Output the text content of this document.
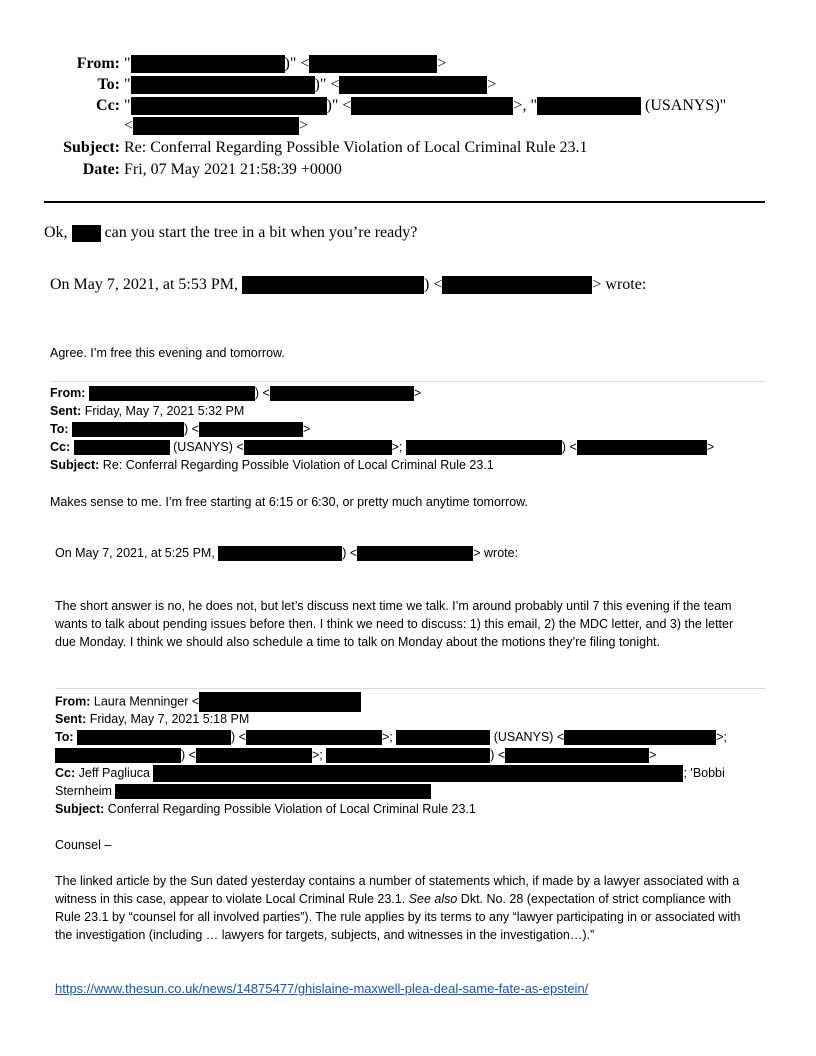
From: "	)" <	>
To: "	)" <	>
Cc: "	)" <	>, "	(USANYS)"
<	>
Subject: Re: Conferral Regarding Possible Violation of Local Criminal Rule 23.1
Date: Fri, 07 May 2021 21:58:39 +0000
Ok, can you start the tree in a bit when you’re ready?
On May 7, 2021, at 5:53 PM,	) <	> wrote:
Agree. I’m free this evening and tomorrow.
From:	) <	>
Sent: Friday, May 7, 2021 5:32 PM
To:	) <	>
Cc:	(USANYS) <	>;	) <	>
Subject: Re: Conferral Regarding Possible Violation of Local Criminal Rule 23.1
Makes sense to me. I’m free starting at 6:15 or 6:30, or pretty much anytime tomorrow.
On May 7, 2021, at 5:25 PM,	) <	> wrote:

The short answer is no, he does not, but let’s discuss next time we talk. I’m around probably until 7 this evening if the team wants to talk about pending issues before then. I think we need to discuss: 1) this email, 2) the MDC letter, and 3) the letter due Monday. I think we should also schedule a time to talk on Monday about the motions they’re filing tonight.

From: Laura Menninger <
Sent: Friday, May 7, 2021 5:18 PM
To:	) <	>;	(USANYS) <	>;
) <	>;	) <	>
Cc: Jeff Pagliuca	; 'Bobbi
Sternheim
Subject: Conferral Regarding Possible Violation of Local Criminal Rule 23.1
Counsel –

The linked article by the Sun dated yesterday contains a number of statements which, if made by a lawyer associated with a witness in this case, appear to violate Local Criminal Rule 23.1. See also Dkt. No. 28 (expectation of strict compliance with Rule 23.1 by “counsel for all involved parties”). The rule applies by its terms to any “lawyer participating in or associated with the investigation (including … lawyers for targets, subjects, and witnesses in the investigation…).”

https://www.thesun.co.uk/news/14875477/ghislaine-maxwell-plea-deal-same-fate-as-epstein/
